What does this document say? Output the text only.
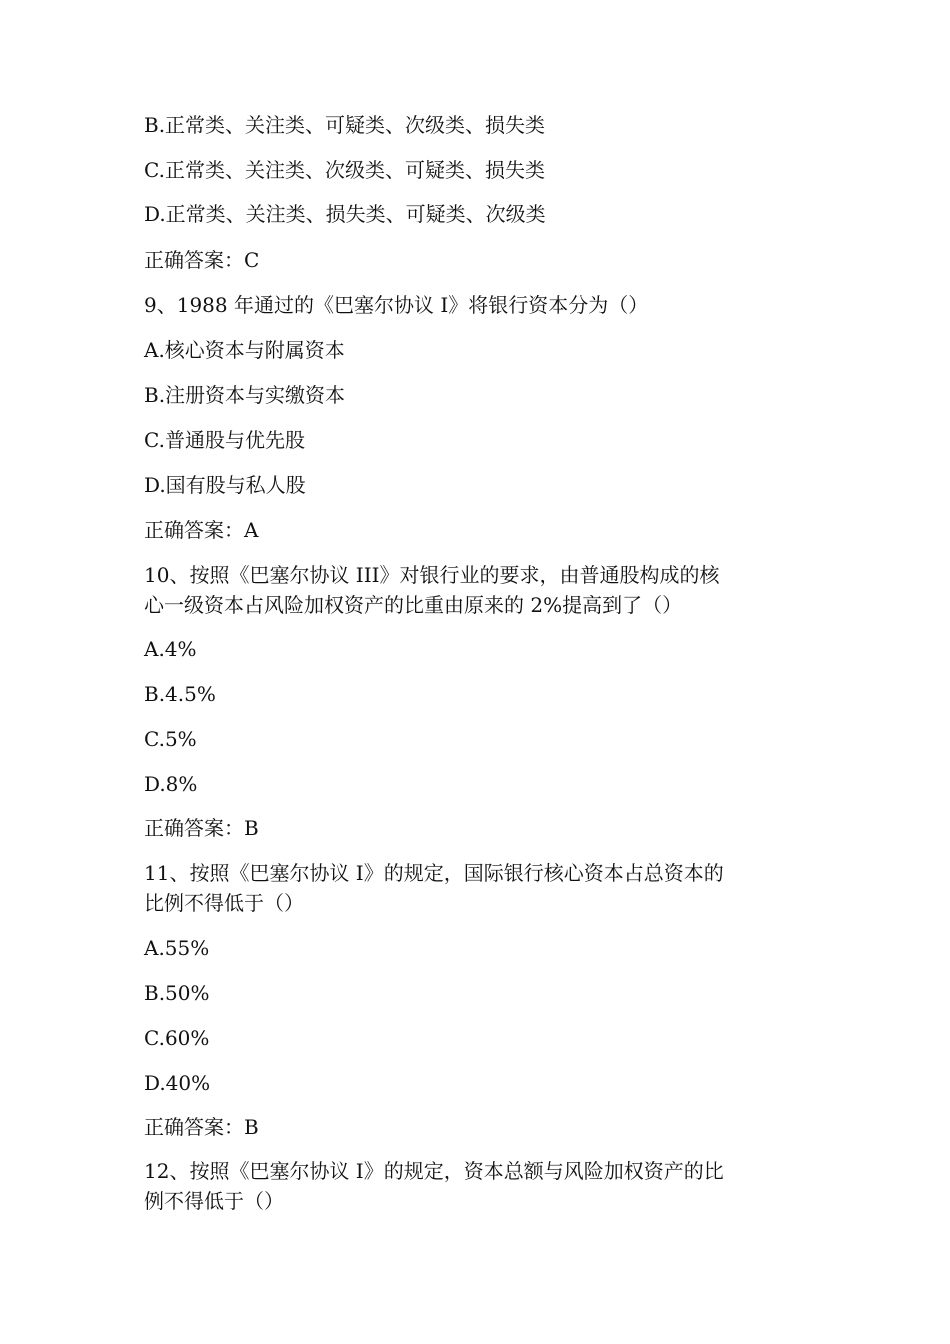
B.正常类、关注类、可疑类、次级类、损失类
C.正常类、关注类、次级类、可疑类、损失类
D.正常类、关注类、损失类、可疑类、次级类
正确答案：C
9、1988 年通过的《巴塞尔协议 I》将银行资本分为（）
A.核心资本与附属资本
B.注册资本与实缴资本
C.普通股与优先股
D.国有股与私人股
正确答案：A
10、按照《巴塞尔协议 III》对银行业的要求，由普通股构成的核
心一级资本占风险加权资产的比重由原来的 2%提高到了（）
A.4%
B.4.5%
C.5%
D.8%
正确答案：B
11、按照《巴塞尔协议 I》的规定，国际银行核心资本占总资本的
比例不得低于（）
A.55%
B.50%
C.60%
D.40%
正确答案：B
12、按照《巴塞尔协议 I》的规定，资本总额与风险加权资产的比
例不得低于（）
